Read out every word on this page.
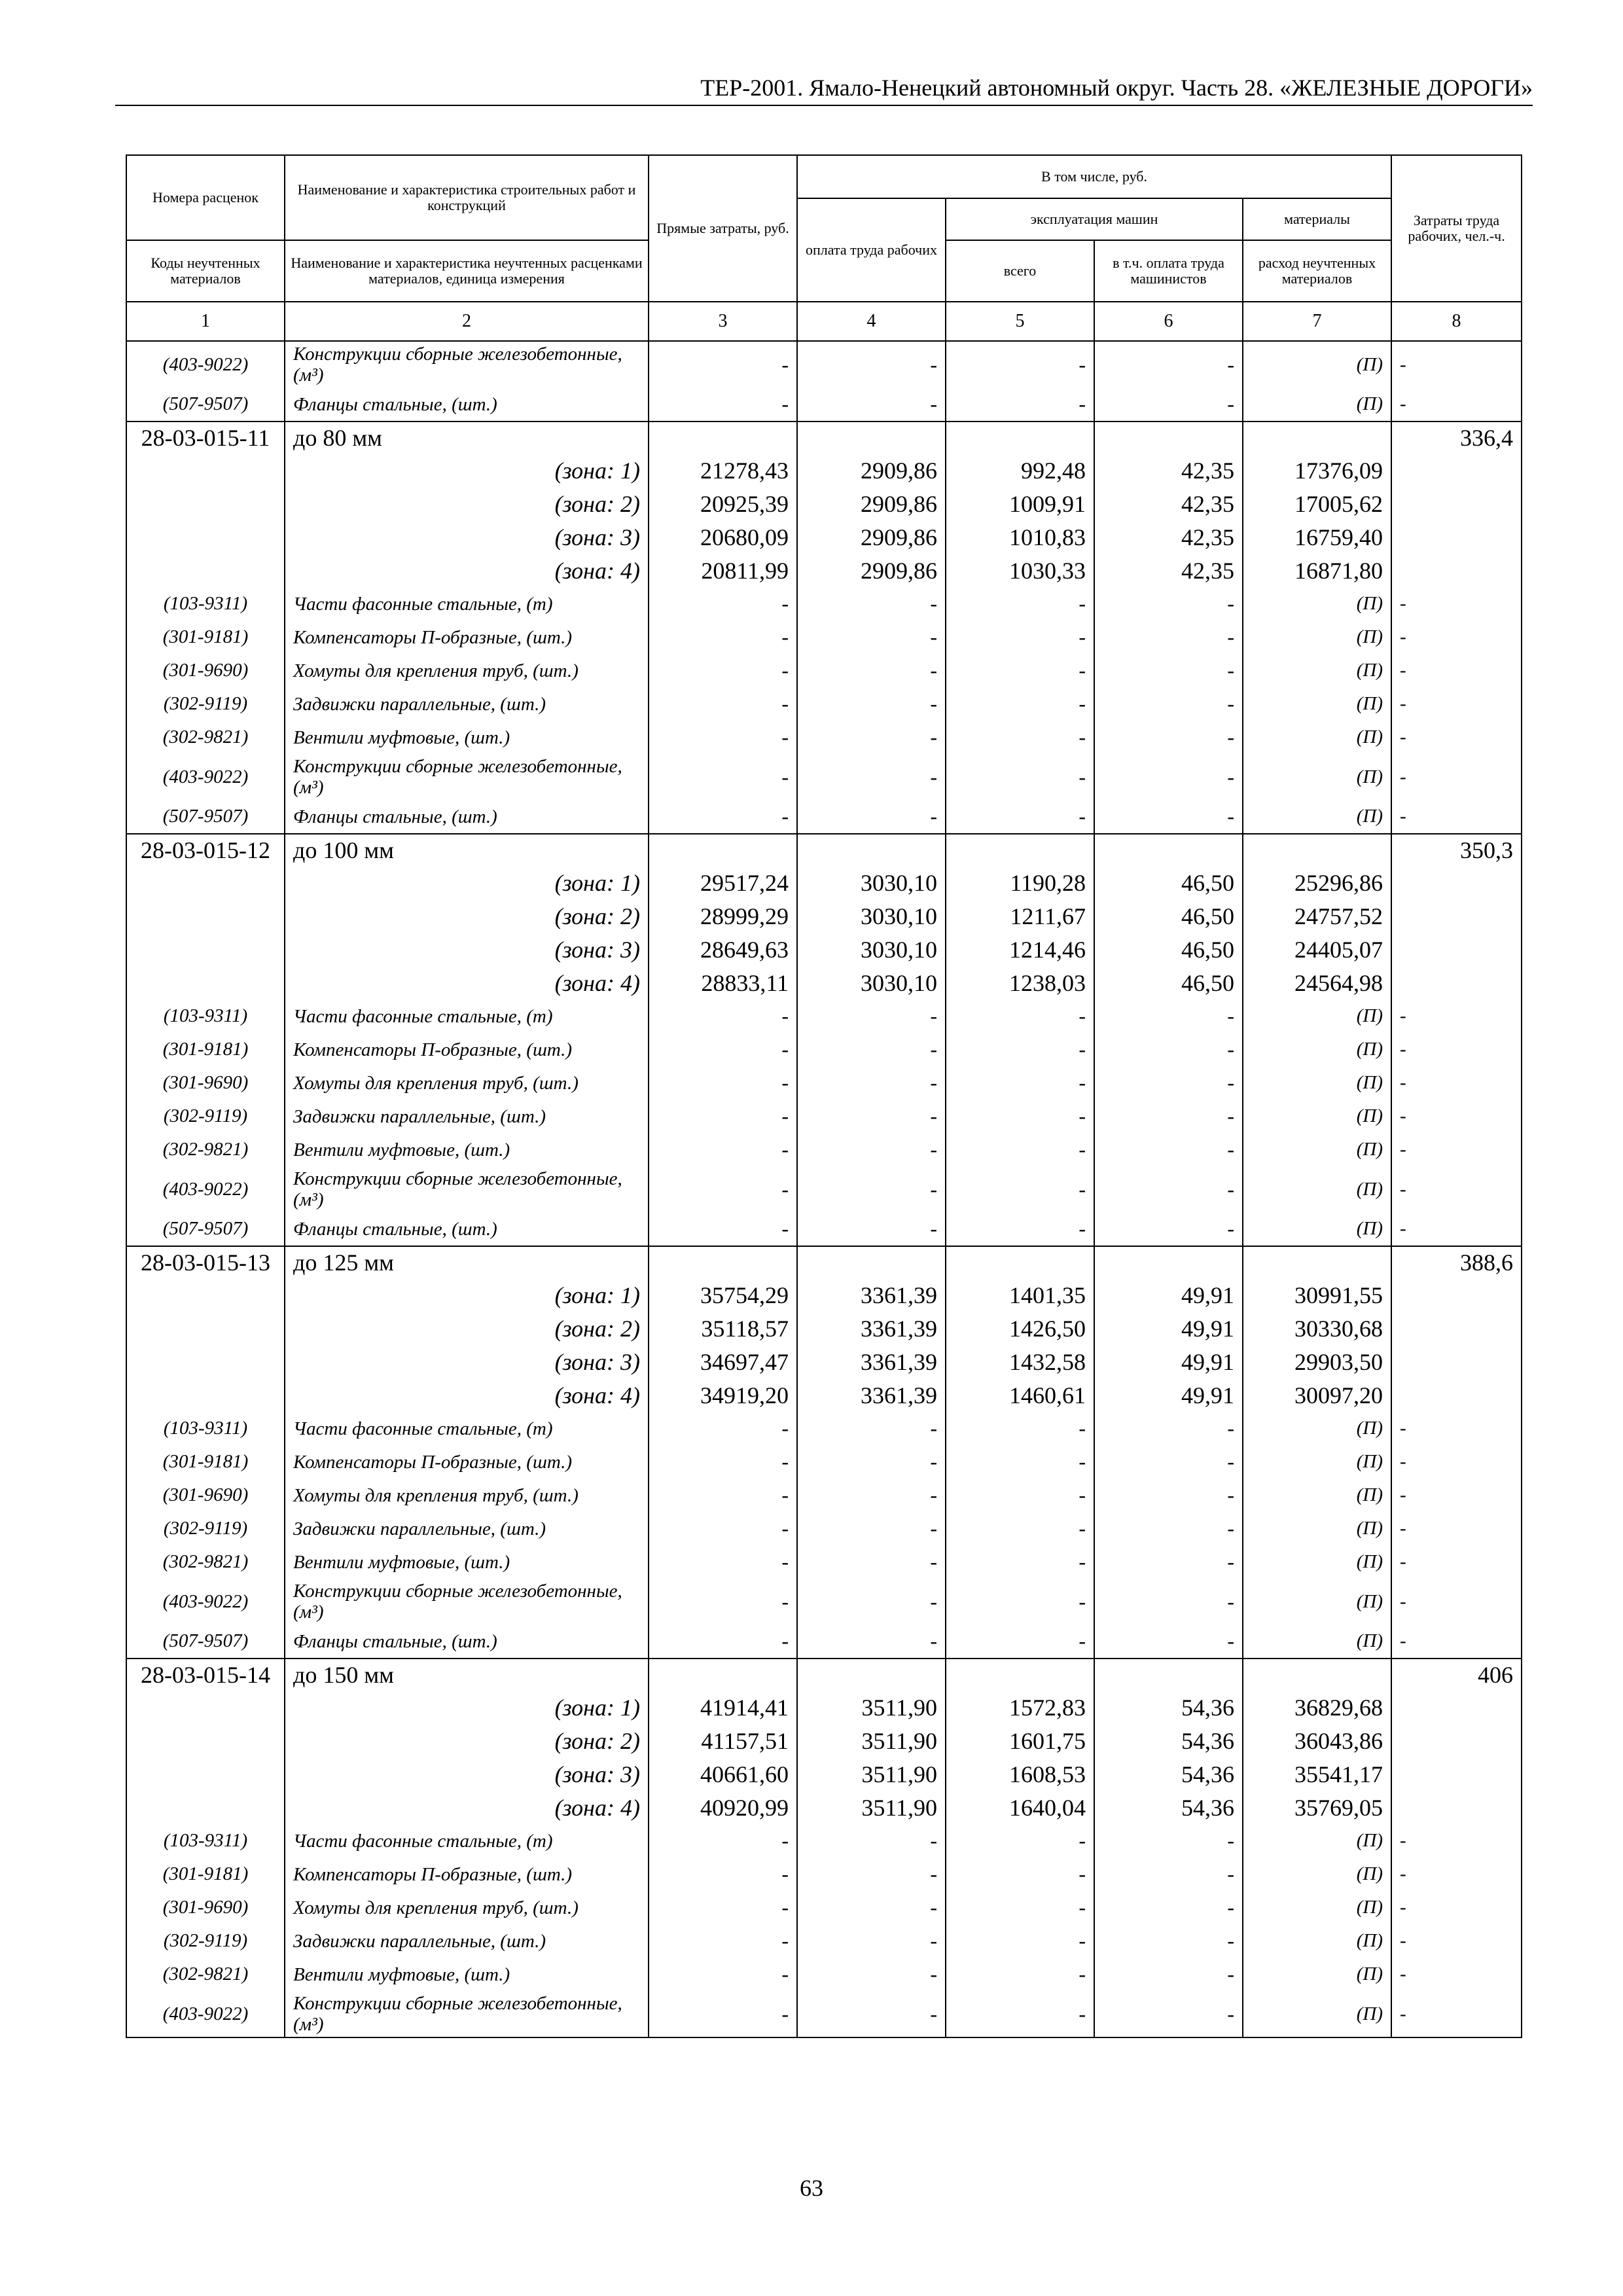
ТЕР-2001. Ямало-Ненецкий автономный округ. Часть 28. «ЖЕЛЕЗНЫЕ ДОРОГИ»
Номера расценок	Наименование и характеристика строительных работ и конструкций	Прямые затраты, руб.	В том числе, руб.				Затраты труда рабочих, чел.-ч.
			оплата труда рабочих	эксплуатация машин		материалы	
Коды неучтенных материалов	Наименование и характеристика неучтенных расценками материалов, единица измерения			всего	в т.ч. оплата труда машинистов	расход неучтенных материалов	
1	2	3	4	5	6	7	8
(403-9022)	Конструкции сборные железобетонные, (м³)	-	-	-	-	(П)	-
(507-9507)	Фланцы стальные, (шт.)	-	-	-	-	(П)	-
28-03-015-11	до 80 мм						336,4
	(зона: 1)	21278,43	2909,86	992,48	42,35	17376,09	
	(зона: 2)	20925,39	2909,86	1009,91	42,35	17005,62	
	(зона: 3)	20680,09	2909,86	1010,83	42,35	16759,40	
	(зона: 4)	20811,99	2909,86	1030,33	42,35	16871,80	
(103-9311)	Части фасонные стальные, (т)	-	-	-	-	(П)	-
(301-9181)	Компенсаторы П-образные, (шт.)	-	-	-	-	(П)	-
(301-9690)	Хомуты для крепления труб, (шт.)	-	-	-	-	(П)	-
(302-9119)	Задвижки параллельные, (шт.)	-	-	-	-	(П)	-
(302-9821)	Вентили муфтовые, (шт.)	-	-	-	-	(П)	-
(403-9022)	Конструкции сборные железобетонные, (м³)	-	-	-	-	(П)	-
(507-9507)	Фланцы стальные, (шт.)	-	-	-	-	(П)	-
28-03-015-12	до 100 мм						350,3
	(зона: 1)	29517,24	3030,10	1190,28	46,50	25296,86	
	(зона: 2)	28999,29	3030,10	1211,67	46,50	24757,52	
	(зона: 3)	28649,63	3030,10	1214,46	46,50	24405,07	
	(зона: 4)	28833,11	3030,10	1238,03	46,50	24564,98	
(103-9311)	Части фасонные стальные, (т)	-	-	-	-	(П)	-
(301-9181)	Компенсаторы П-образные, (шт.)	-	-	-	-	(П)	-
(301-9690)	Хомуты для крепления труб, (шт.)	-	-	-	-	(П)	-
(302-9119)	Задвижки параллельные, (шт.)	-	-	-	-	(П)	-
(302-9821)	Вентили муфтовые, (шт.)	-	-	-	-	(П)	-
(403-9022)	Конструкции сборные железобетонные, (м³)	-	-	-	-	(П)	-
(507-9507)	Фланцы стальные, (шт.)	-	-	-	-	(П)	-
28-03-015-13	до 125 мм						388,6
	(зона: 1)	35754,29	3361,39	1401,35	49,91	30991,55	
	(зона: 2)	35118,57	3361,39	1426,50	49,91	30330,68	
	(зона: 3)	34697,47	3361,39	1432,58	49,91	29903,50	
	(зона: 4)	34919,20	3361,39	1460,61	49,91	30097,20	
(103-9311)	Части фасонные стальные, (т)	-	-	-	-	(П)	-
(301-9181)	Компенсаторы П-образные, (шт.)	-	-	-	-	(П)	-
(301-9690)	Хомуты для крепления труб, (шт.)	-	-	-	-	(П)	-
(302-9119)	Задвижки параллельные, (шт.)	-	-	-	-	(П)	-
(302-9821)	Вентили муфтовые, (шт.)	-	-	-	-	(П)	-
(403-9022)	Конструкции сборные железобетонные, (м³)	-	-	-	-	(П)	-
(507-9507)	Фланцы стальные, (шт.)	-	-	-	-	(П)	-
28-03-015-14	до 150 мм						406
	(зона: 1)	41914,41	3511,90	1572,83	54,36	36829,68	
	(зона: 2)	41157,51	3511,90	1601,75	54,36	36043,86	
	(зона: 3)	40661,60	3511,90	1608,53	54,36	35541,17	
	(зона: 4)	40920,99	3511,90	1640,04	54,36	35769,05	
(103-9311)	Части фасонные стальные, (т)	-	-	-	-	(П)	-
(301-9181)	Компенсаторы П-образные, (шт.)	-	-	-	-	(П)	-
(301-9690)	Хомуты для крепления труб, (шт.)	-	-	-	-	(П)	-
(302-9119)	Задвижки параллельные, (шт.)	-	-	-	-	(П)	-
(302-9821)	Вентили муфтовые, (шт.)	-	-	-	-	(П)	-
(403-9022)	Конструкции сборные железобетонные, (м³)	-	-	-	-	(П)	-
63
